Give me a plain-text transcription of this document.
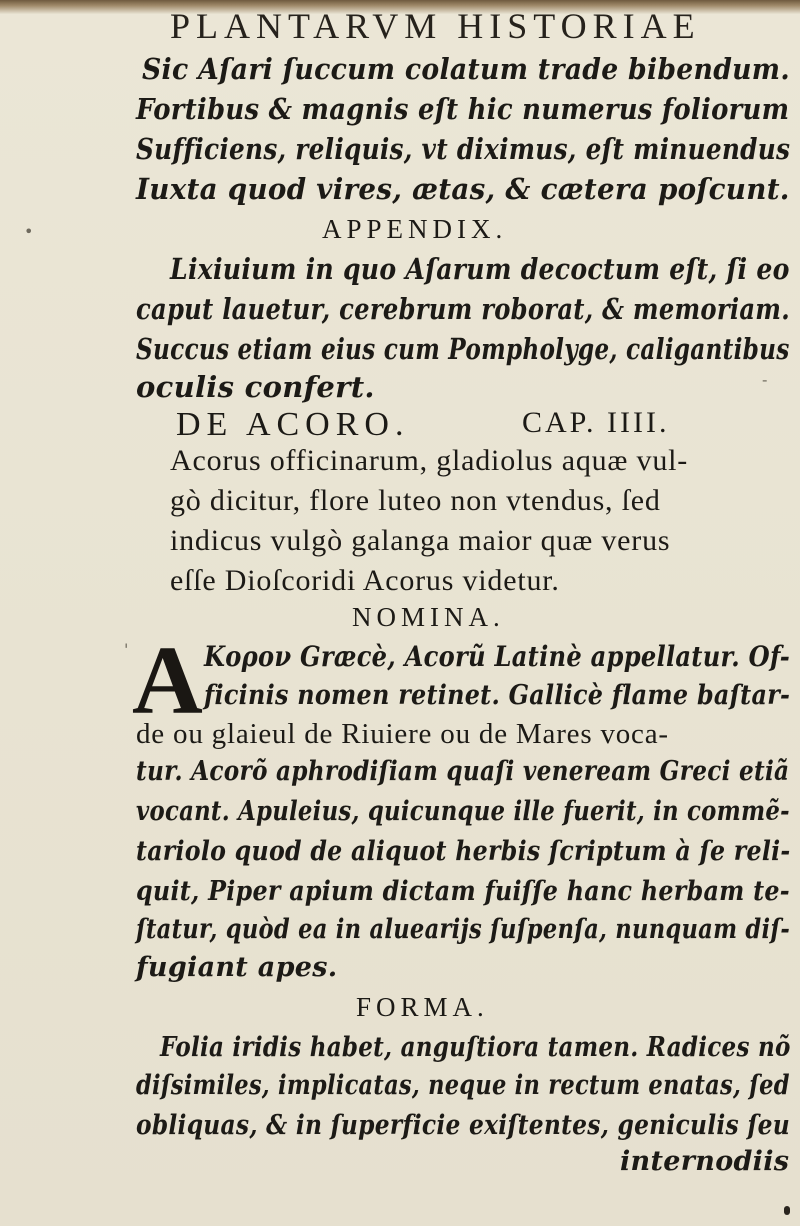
PLANTARVM HISTORIAE
Sic Aſari ſuccum colatum trade bibendum.
Fortibus & magnis eſt hic numerus foliorum
Sufficiens, reliquis, vt diximus, eſt minuendus
Iuxta quod vires, ætas, & cætera poſcunt.
APPENDIX.
Lixiuium in quo Aſarum decoctum eſt, ſi eo
caput lauetur, cerebrum roborat, & memoriam.
Succus etiam eius cum Pompholyge, caligantibus
oculis confert.
DE ACORO.	CAP. IIII.
Acorus officinarum, gladiolus aquæ vul-
gò dicitur, flore luteo non vtendus, ſed
indicus vulgò galanga maior quæ verus
eſſe Dioſcoridi Acorus videtur.
NOMINA.
A Κορον Græcè, Acorũ Latinè appellatur. Of-
ficinis nomen retinet. Gallicè flame baſtar-
de ou glaieul de Riuiere ou de Mares voca-
tur. Acorõ aphrodiſiam quaſi veneream Greci etiã
vocant. Apuleius, quicunque ille fuerit, in commẽ-
tariolo quod de aliquot herbis ſcriptum à ſe reli-
quit, Piper apium dictam fuiſſe hanc herbam te-
ſtatur, quòd ea in aluearijs ſuſpenſa, nunquam diſ-
fugiant apes.
FORMA.
Folia iridis habet, anguſtiora tamen. Radices nõ
diſsimiles, implicatas, neque in rectum enatas, ſed
obliquas, & in ſuperficie exiſtentes, geniculis ſeu
internodiis
•
-
'
